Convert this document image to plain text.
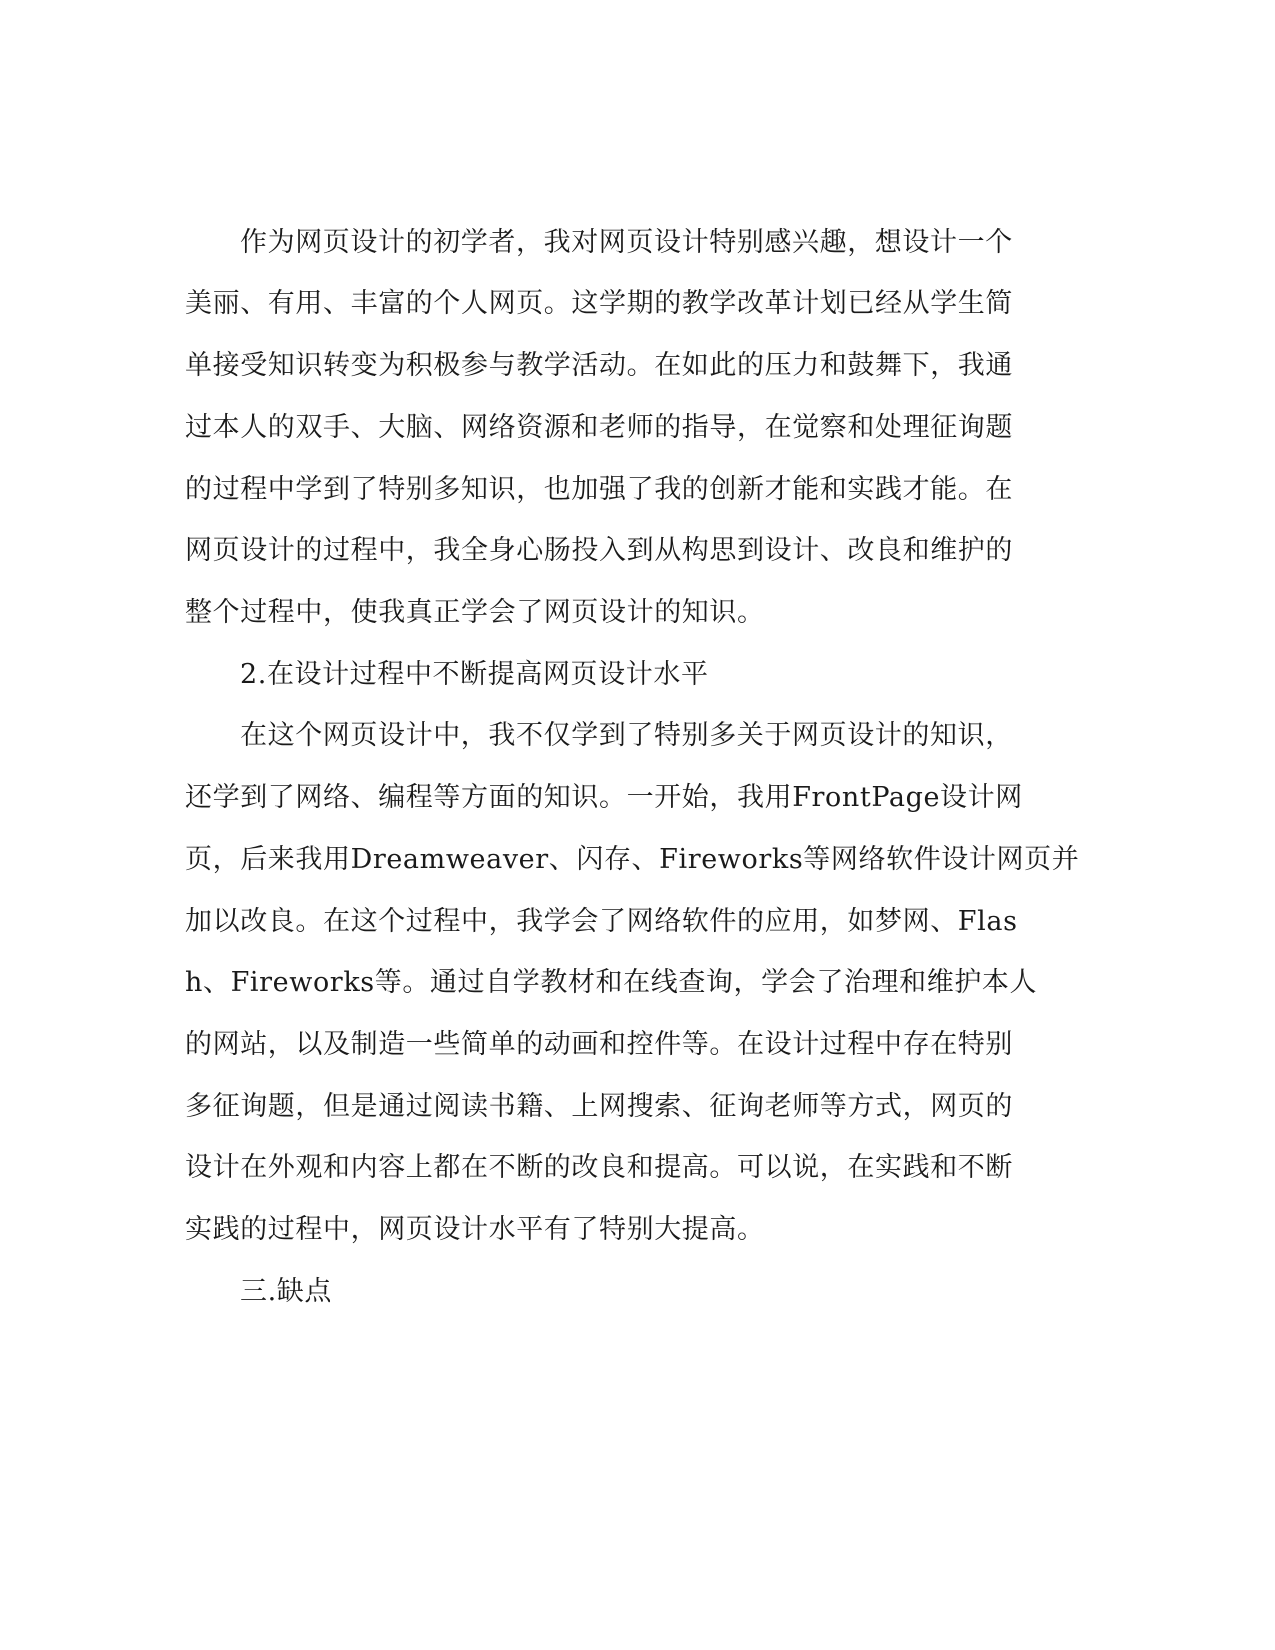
作为网页设计的初学者，我对网页设计特别感兴趣，想设计一个
美丽、有用、丰富的个人网页。这学期的教学改革计划已经从学生简
单接受知识转变为积极参与教学活动。在如此的压力和鼓舞下，我通
过本人的双手、大脑、网络资源和老师的指导，在觉察和处理征询题
的过程中学到了特别多知识，也加强了我的创新才能和实践才能。在
网页设计的过程中，我全身心肠投入到从构思到设计、改良和维护的
整个过程中，使我真正学会了网页设计的知识。
2.在设计过程中不断提高网页设计水平
在这个网页设计中，我不仅学到了特别多关于网页设计的知识，
还学到了网络、编程等方面的知识。一开始，我用FrontPage设计网
页，后来我用Dreamweaver、闪存、Fireworks等网络软件设计网页并
加以改良。在这个过程中，我学会了网络软件的应用，如梦网、Flas
h、Fireworks等。通过自学教材和在线查询，学会了治理和维护本人
的网站，以及制造一些简单的动画和控件等。在设计过程中存在特别
多征询题，但是通过阅读书籍、上网搜索、征询老师等方式，网页的
设计在外观和内容上都在不断的改良和提高。可以说，在实践和不断
实践的过程中，网页设计水平有了特别大提高。
三.缺点
